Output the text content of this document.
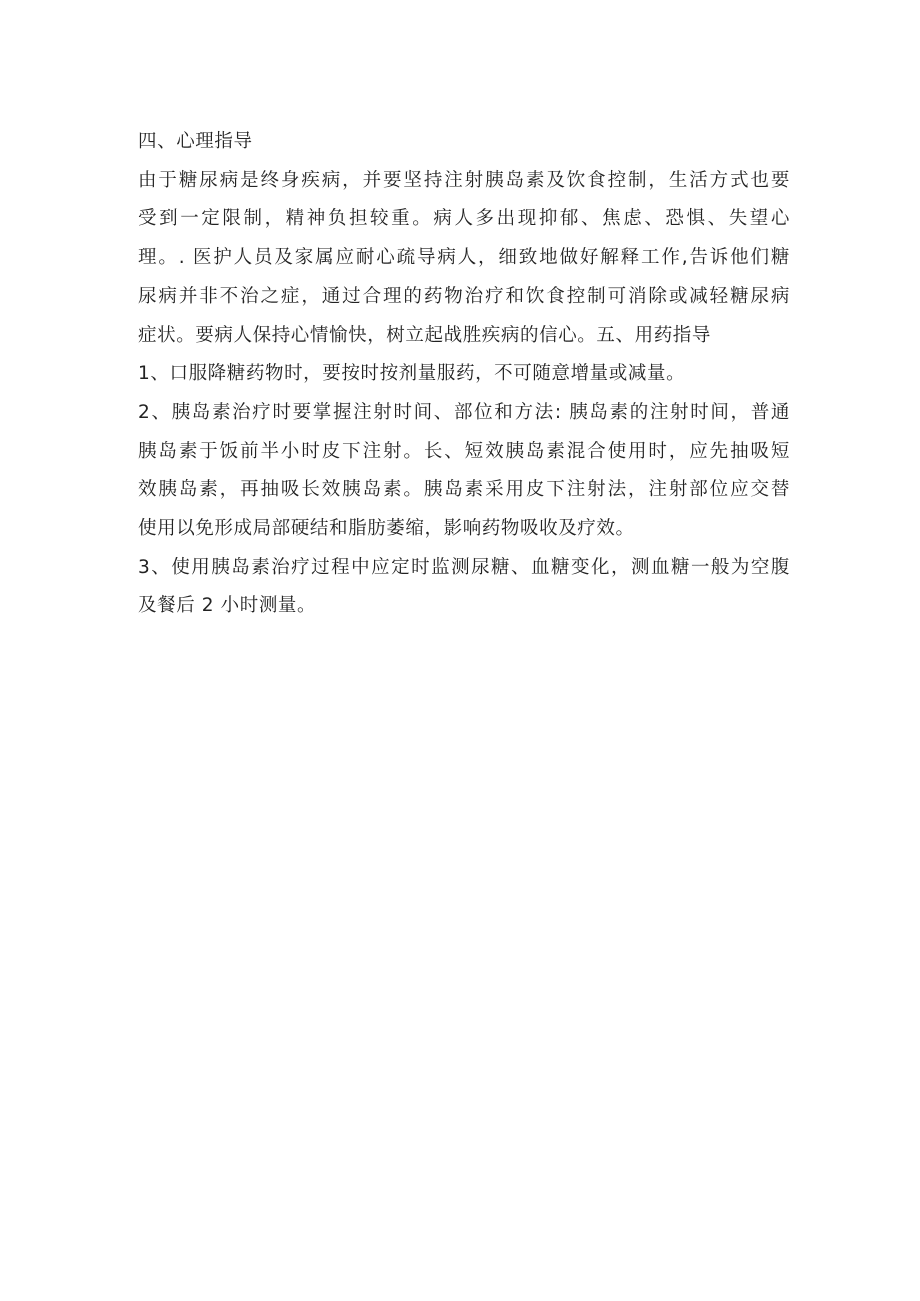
四、心理指导
由于糖尿病是终身疾病，并要坚持注射胰岛素及饮食控制，生活方式也要
受到一定限制，精神负担较重。病人多出现抑郁、焦虑、恐惧、失望心
理。. 医护人员及家属应耐心疏导病人，细致地做好解释工作,告诉他们糖
尿病并非不治之症，通过合理的药物治疗和饮食控制可消除或减轻糖尿病
症状。要病人保持心情愉快，树立起战胜疾病的信心。五、用药指导
1、口服降糖药物时，要按时按剂量服药，不可随意增量或减量。
2、胰岛素治疗时要掌握注射时间、部位和方法: 胰岛素的注射时间，普通
胰岛素于饭前半小时皮下注射。长、短效胰岛素混合使用时，应先抽吸短
效胰岛素，再抽吸长效胰岛素。胰岛素采用皮下注射法，注射部位应交替
使用以免形成局部硬结和脂肪萎缩，影响药物吸收及疗效。
3、使用胰岛素治疗过程中应定时监测尿糖、血糖变化，测血糖一般为空腹
及餐后 2 小时测量。
